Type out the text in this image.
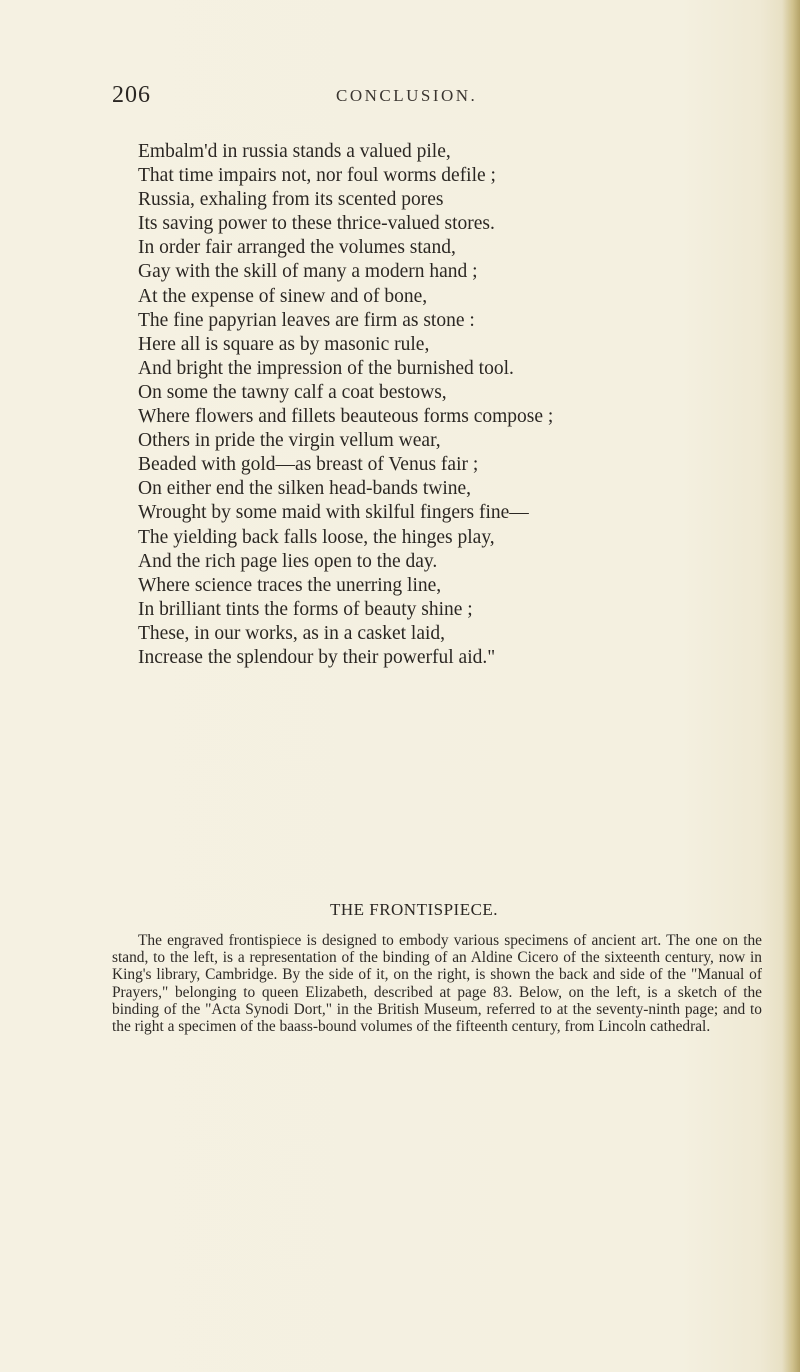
206	CONCLUSION.
Embalm'd in russia stands a valued pile,
That time impairs not, nor foul worms defile ;
Russia, exhaling from its scented pores
Its saving power to these thrice-valued stores.
In order fair arranged the volumes stand,
Gay with the skill of many a modern hand ;
At the expense of sinew and of bone,
The fine papyrian leaves are firm as stone :
Here all is square as by masonic rule,
And bright the impression of the burnished tool.
On some the tawny calf a coat bestows,
Where flowers and fillets beauteous forms compose ;
Others in pride the virgin vellum wear,
Beaded with gold—as breast of Venus fair ;
On either end the silken head-bands twine,
Wrought by some maid with skilful fingers fine—
The yielding back falls loose, the hinges play,
And the rich page lies open to the day.
Where science traces the unerring line,
In brilliant tints the forms of beauty shine ;
These, in our works, as in a casket laid,
Increase the splendour by their powerful aid."
THE FRONTISPIECE.

The engraved frontispiece is designed to embody various specimens of ancient art. The one on the stand, to the left, is a representation of the binding of an Aldine Cicero of the sixteenth century, now in King's library, Cambridge. By the side of it, on the right, is shown the back and side of the "Manual of Prayers," belonging to queen Elizabeth, described at page 83. Below, on the left, is a sketch of the binding of the "Acta Synodi Dort," in the British Museum, referred to at the seventy-ninth page; and to the right a specimen of the baass-bound volumes of the fifteenth century, from Lincoln cathedral.
